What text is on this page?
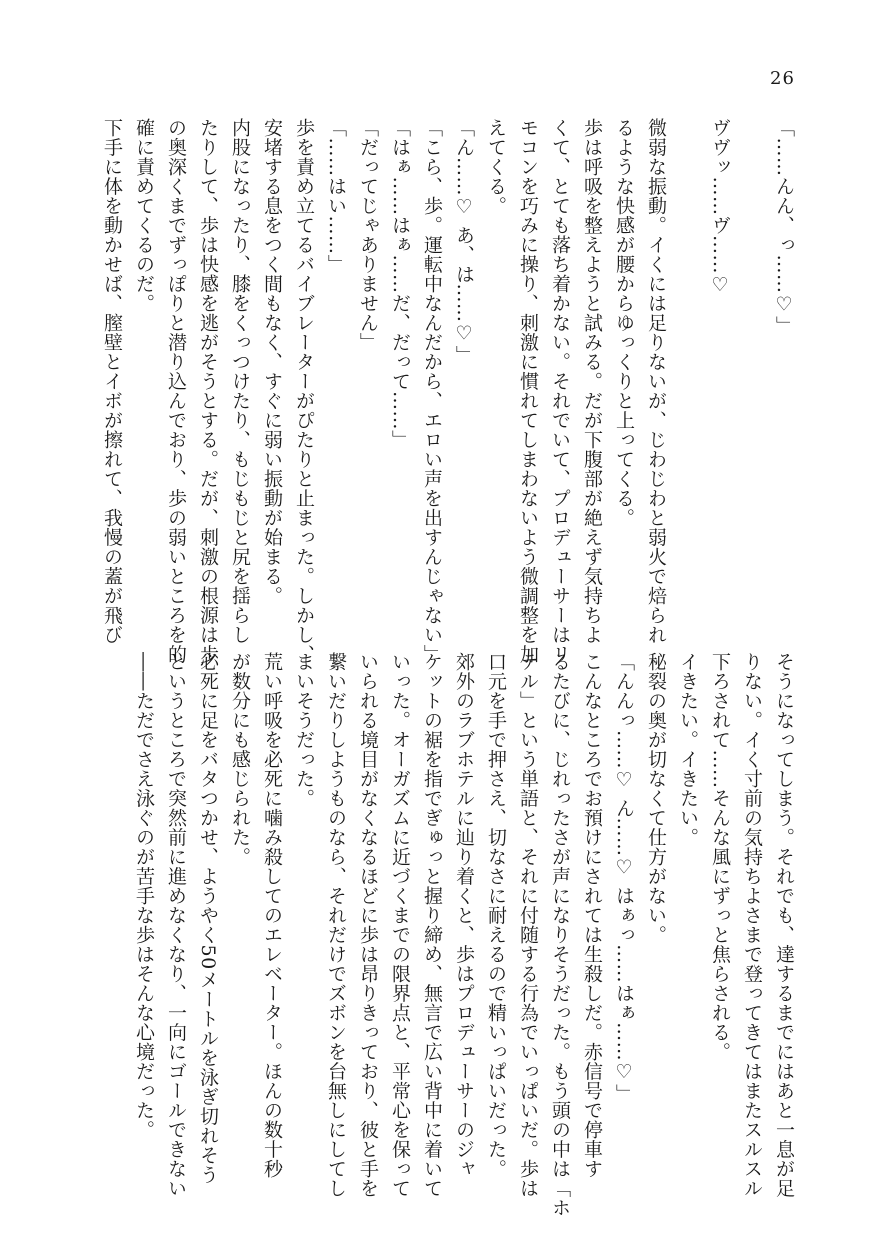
26
「……んん、っ……♡」

ヴヴッ……ヴ……♡

微弱な振動。イくには足りないが、じわじわと弱火で焙られ
るような快感が腰からゆっくりと上ってくる。
歩は呼吸を整えようと試みる。だが下腹部が絶えず気持ちよ
くて、とても落ち着かない。それでいて、プロデューサーはリ
モコンを巧みに操り、刺激に慣れてしまわないよう微調整を加
えてくる。
「ん……♡ あ、は……♡」
「こら、歩。運転中なんだから、エロい声を出すんじゃない」
「はぁ……はぁ……だ、だって……」
「だってじゃありません」
「……はい……」
歩を責め立てるバイブレーターがぴたりと止まった。しかし、
安堵する息をつく間もなく、すぐに弱い振動が始まる。
内股になったり、膝をくっつけたり、もじもじと尻を揺らし
たりして、歩は快感を逃がそうとする。だが、刺激の根源は歩
の奥深くまでずっぽりと潜り込んでおり、歩の弱いところを的
確に責めてくるのだ。
下手に体を動かせば、膣壁とイボが擦れて、我慢の蓋が飛び
そうになってしまう。それでも、達するまでにはあと一息が足
りない。イく寸前の気持ちよさまで登ってきてはまたスルスル
下ろされて……そんな風にずっと焦らされる。
イきたい。イきたい。
秘裂の奥が切なくて仕方がない。
「んんっ……♡ ん……♡ はぁっ……はぁ……♡」
こんなところでお預けにされては生殺しだ。赤信号で停車す
るたびに、じれったさが声になりそうだった。もう頭の中は「ホ
テル」という単語と、それに付随する行為でいっぱいだ。歩は
口元を手で押さえ、切なさに耐えるので精いっぱいだった。
郊外のラブホテルに辿り着くと、歩はプロデューサーのジャ
ケットの裾を指でぎゅっと握り締め、無言で広い背中に着いて
いった。オーガズムに近づくまでの限界点と、平常心を保って
いられる境目がなくなるほどに歩は昂りきっており、彼と手を
繋いだりしようものなら、それだけでズボンを台無しにしてし
まいそうだった。
荒い呼吸を必死に噛み殺してのエレベーター。ほんの数十秒
が数分にも感じられた。
必死に足をバタつかせ、ようやく50メートルを泳ぎ切れそう
というところで突然前に進めなくなり、一向にゴールできない
――ただでさえ泳ぐのが苦手な歩はそんな心境だった。
